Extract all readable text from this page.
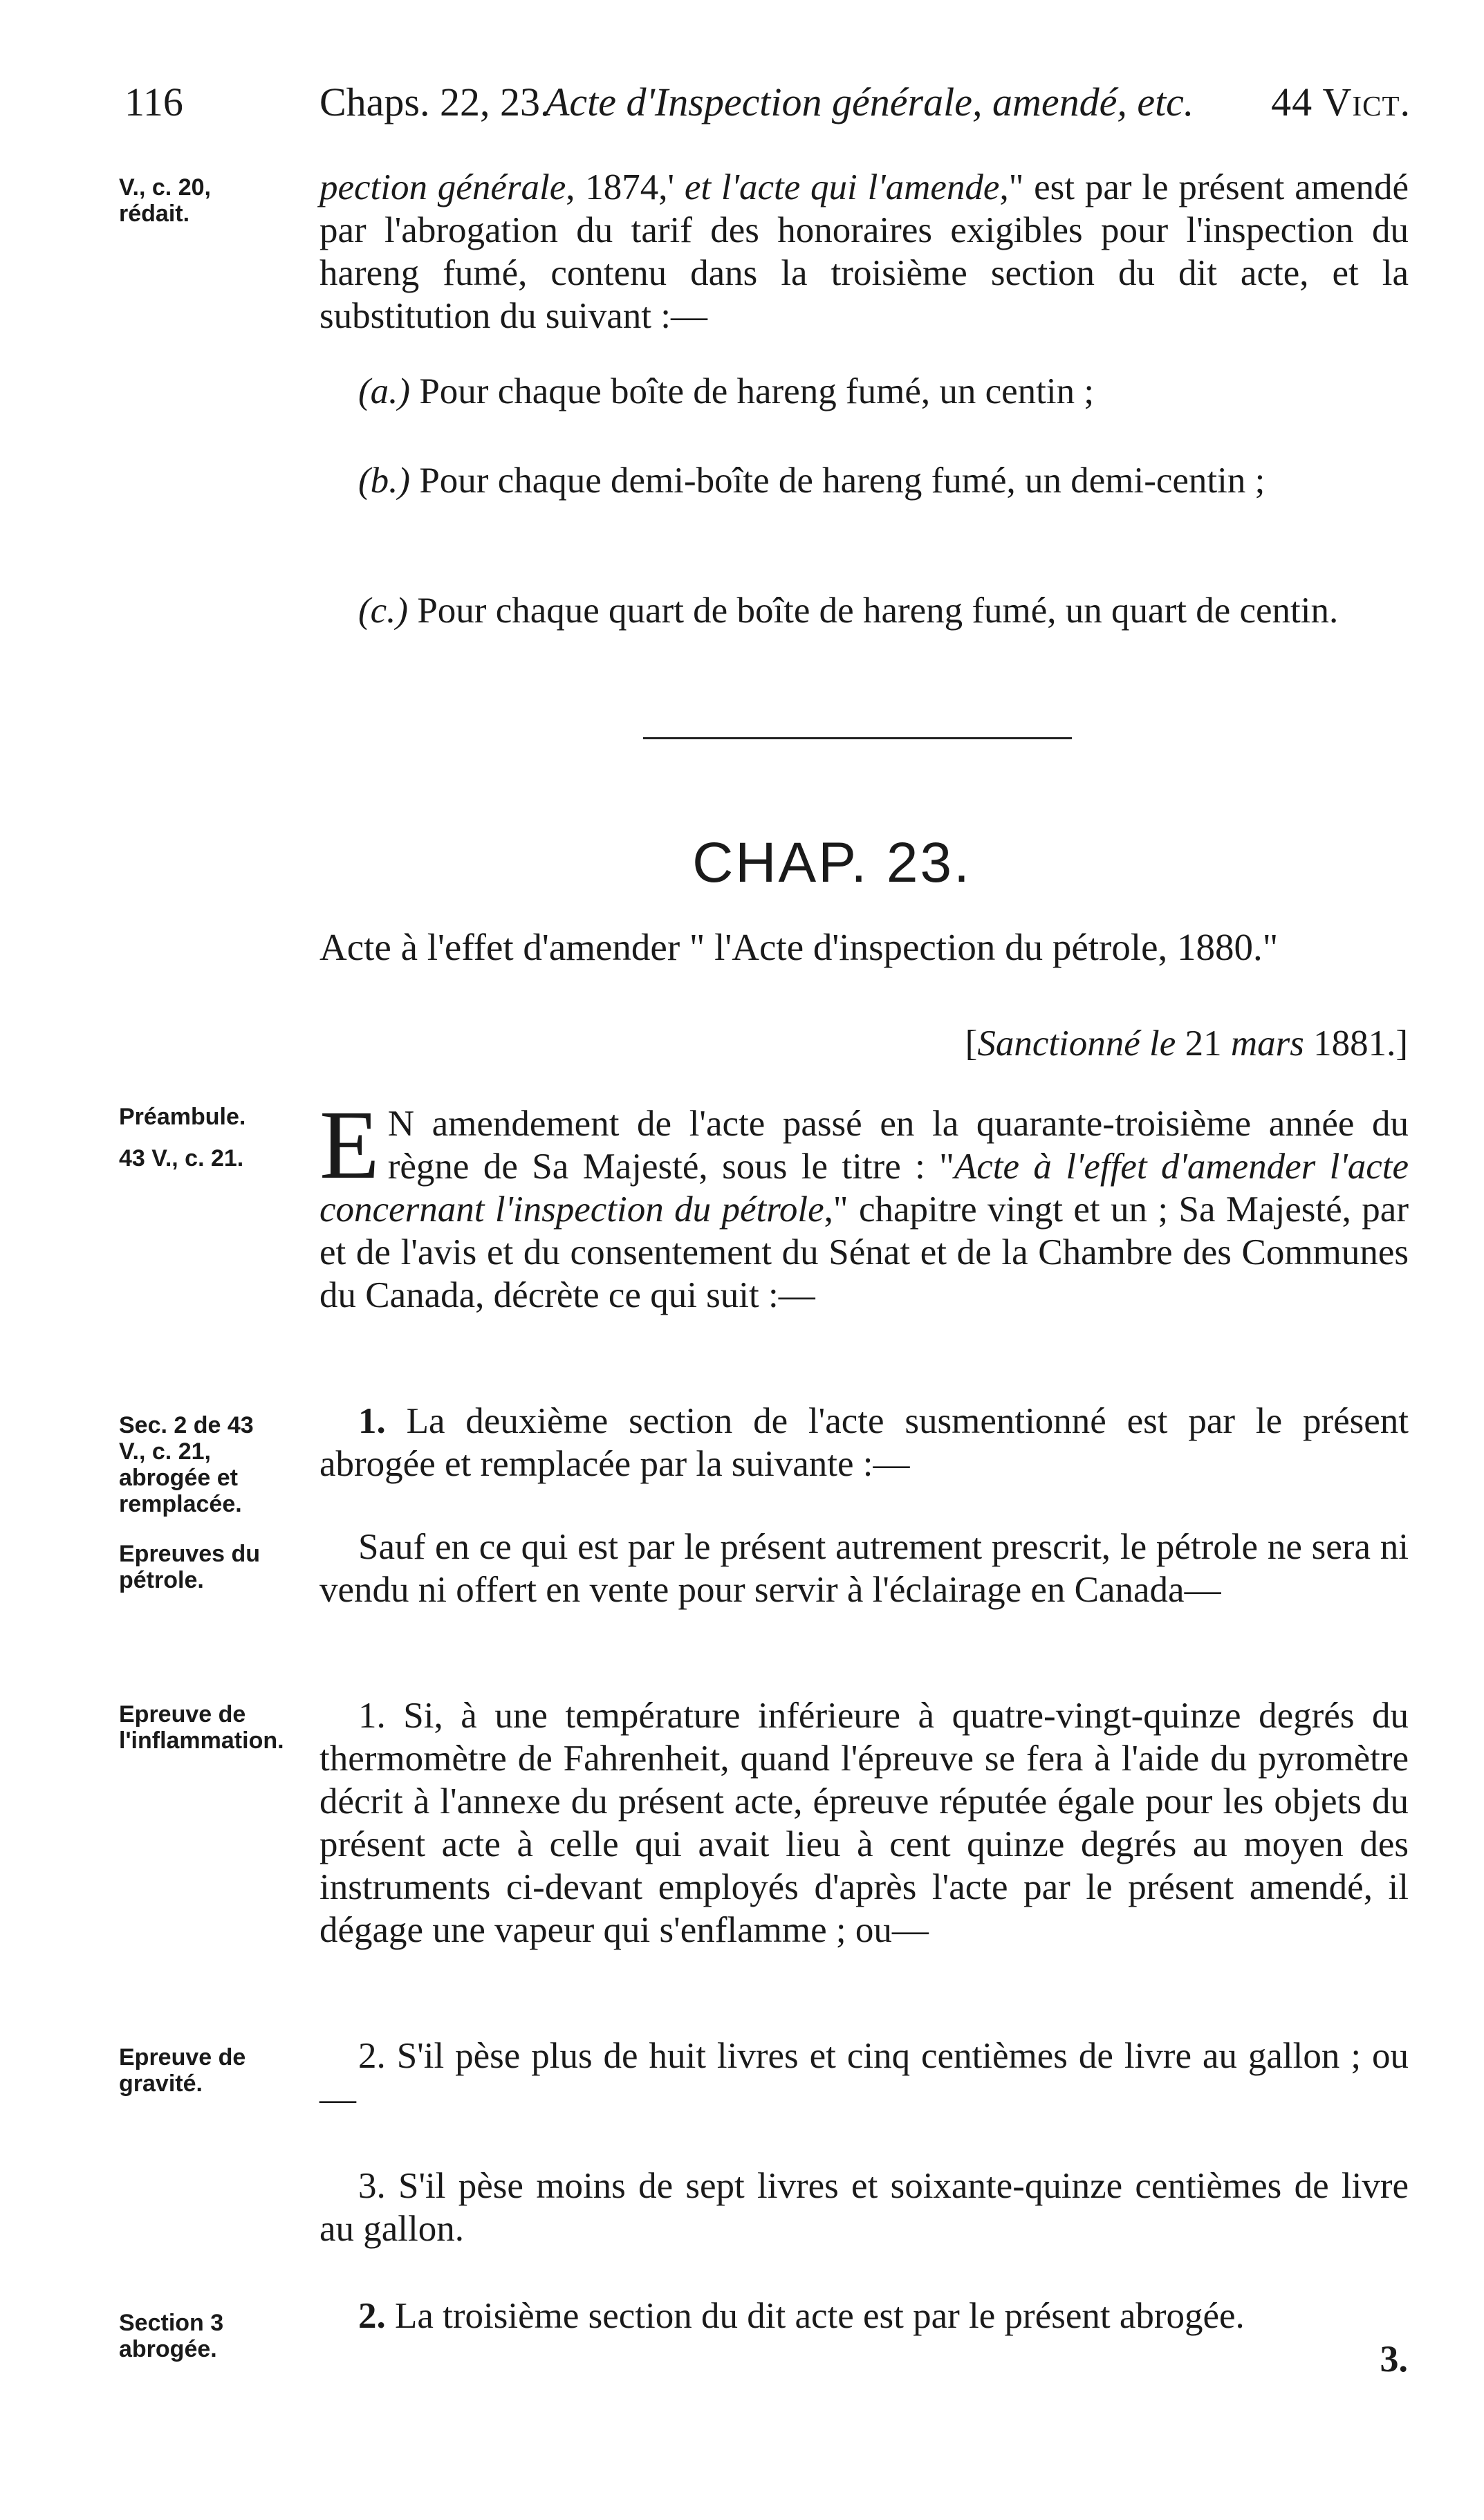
116	Chaps. 22, 23.
Acte d'Inspection générale, amendé, etc. 44 Vict.
V., c. 20, rédait.

pection générale, 1874,' et l'acte qui l'amende," est par le présent amendé par l'abrogation du tarif des honoraires exigibles pour l'inspection du hareng fumé, contenu dans la troisième section du dit acte, et la substitution du suivant :—

(a.) Pour chaque boîte de hareng fumé, un centin ;

(b.) Pour chaque demi-boîte de hareng fumé, un demi-centin ;

(c.) Pour chaque quart de boîte de hareng fumé, un quart de centin.

CHAP. 23.

Acte à l'effet d'amender " l'Acte d'inspection du pétrole, 1880."

[Sanctionné le 21 mars 1881.]
Préambule.
43 V., c. 21. E N amendement de l'acte passé en la quarante-troisième année du règne de Sa Majesté, sous le titre : "Acte à l'effet d'amender l'acte concernant l'inspection du pétrole," chapitre vingt et un ; Sa Majesté, par et de l'avis et du consentement du Sénat et de la Chambre des Communes du Canada, décrète ce qui suit :—

Sec. 2 de 43 V., c. 21, abrogée et remplacée.

1. La deuxième section de l'acte susmentionné est par le présent abrogée et remplacée par la suivante :—

Epreuves du pétrole.

Sauf en ce qui est par le présent autrement prescrit, le pétrole ne sera ni vendu ni offert en vente pour servir à l'éclairage en Canada—

Epreuve de l'inflammation.

1. Si, à une température inférieure à quatre-vingt-quinze degrés du thermomètre de Fahrenheit, quand l'épreuve se fera à l'aide du pyromètre décrit à l'annexe du présent acte, épreuve réputée égale pour les objets du présent acte à celle qui avait lieu à cent quinze degrés au moyen des instruments ci-devant employés d'après l'acte par le présent amendé, il dégage une vapeur qui s'enflamme ; ou—

Epreuve de gravité.

2. S'il pèse plus de huit livres et cinq centièmes de livre au gallon ; ou—

3. S'il pèse moins de sept livres et soixante-quinze centièmes de livre au gallon.

Section 3 abrogée.

2. La troisième section du dit acte est par le présent abrogée.

3.
